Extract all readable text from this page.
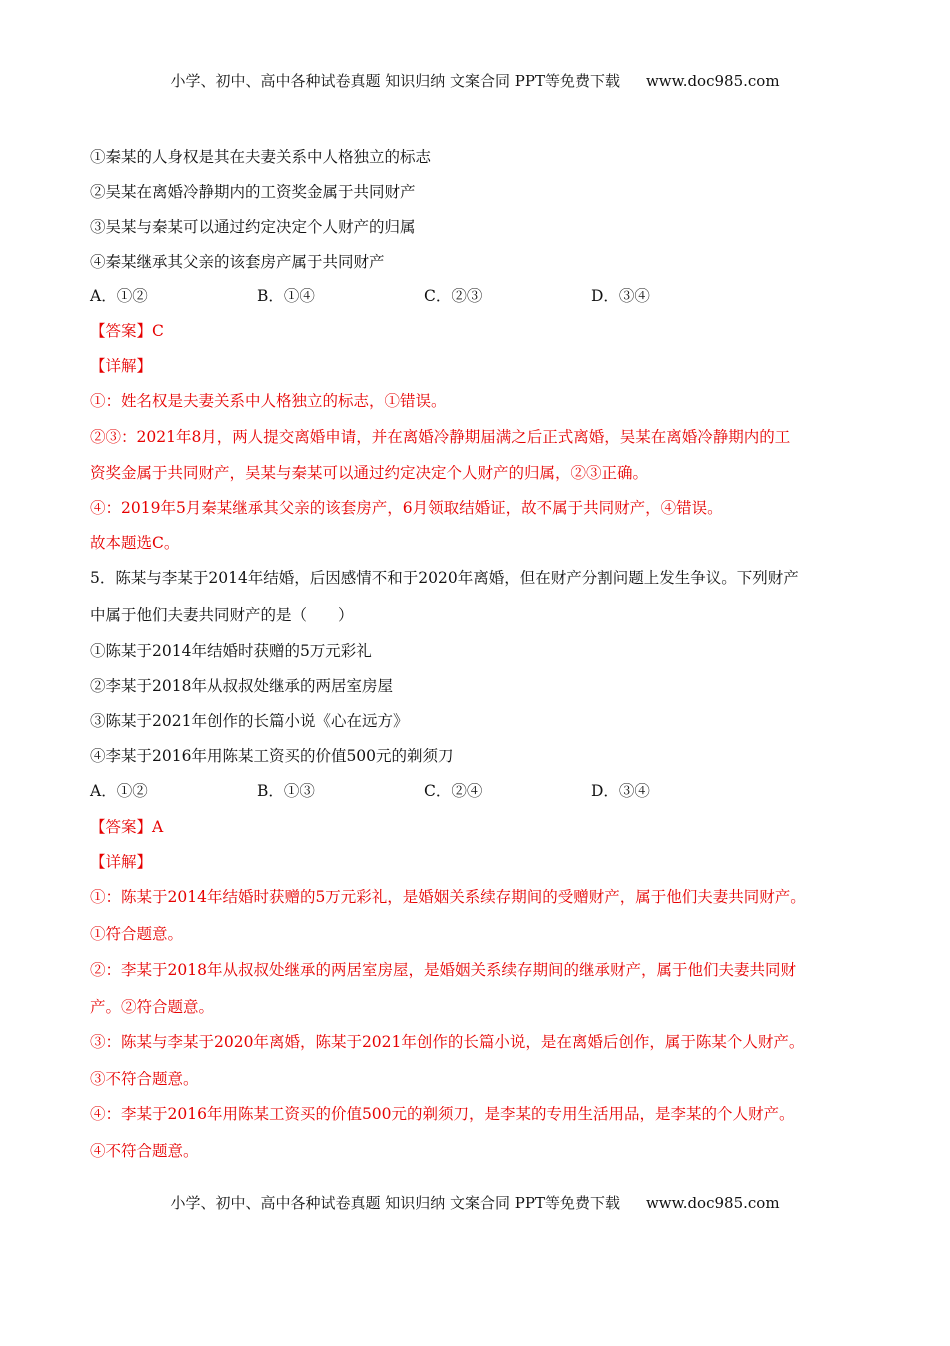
小学、初中、高中各种试卷真题 知识归纳 文案合同 PPT等免费下载 www.doc985.com
①秦某的人身权是其在夫妻关系中人格独立的标志
②吴某在离婚冷静期内的工资奖金属于共同财产
③吴某与秦某可以通过约定决定个人财产的归属
④秦某继承其父亲的该套房产属于共同财产
A．①②	B．①④	C．②③	D．③④
【答案】C
【详解】
①：姓名权是夫妻关系中人格独立的标志，①错误。
②③：2021年8月，两人提交离婚申请，并在离婚冷静期届满之后正式离婚，吴某在离婚冷静期内的工
资奖金属于共同财产，吴某与秦某可以通过约定决定个人财产的归属，②③正确。
④：2019年5月秦某继承其父亲的该套房产，6月领取结婚证，故不属于共同财产，④错误。
故本题选C。
5．陈某与李某于2014年结婚，后因感情不和于2020年离婚，但在财产分割问题上发生争议。下列财产
中属于他们夫妻共同财产的是（　　）
①陈某于2014年结婚时获赠的5万元彩礼
②李某于2018年从叔叔处继承的两居室房屋
③陈某于2021年创作的长篇小说《心在远方》
④李某于2016年用陈某工资买的价值500元的剃须刀
A．①②	B．①③	C．②④	D．③④
【答案】A
【详解】
①：陈某于2014年结婚时获赠的5万元彩礼，是婚姻关系续存期间的受赠财产，属于他们夫妻共同财产。
①符合题意。
②：李某于2018年从叔叔处继承的两居室房屋，是婚姻关系续存期间的继承财产，属于他们夫妻共同财
产。②符合题意。
③：陈某与李某于2020年离婚，陈某于2021年创作的长篇小说，是在离婚后创作，属于陈某个人财产。
③不符合题意。
④：李某于2016年用陈某工资买的价值500元的剃须刀，是李某的专用生活用品，是李某的个人财产。
④不符合题意。
小学、初中、高中各种试卷真题 知识归纳 文案合同 PPT等免费下载 www.doc985.com
